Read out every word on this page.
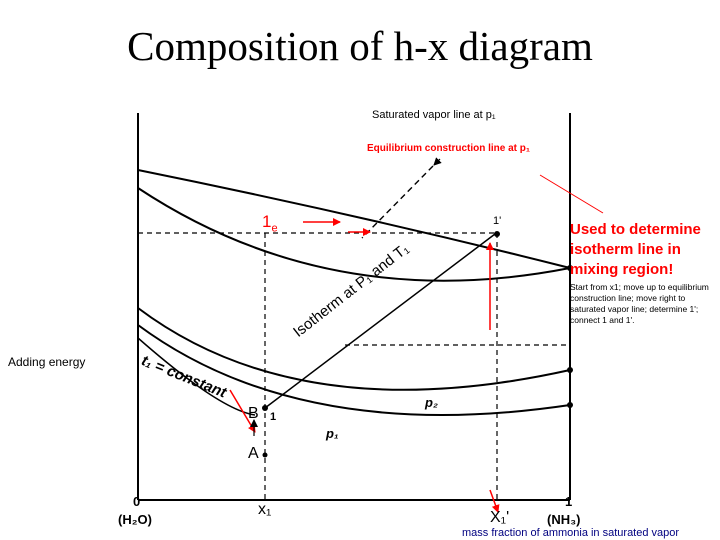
Composition of h-x diagram
Saturated vapor line at p₁
Equilibrium construction line at p₁
$1_e$
1'
Isotherm at P₁ and T₁
t₁ = constant
p₂
p₁
B 1
A
x₁	X₁'
0
(H₂O)
1
(NH₃)
Adding energy
Used to determine isotherm line in mixing region!
Start from x1; move up to equilibrium construction line; move right to saturated vapor line; determine 1'; connect 1 and 1'.
mass fraction of ammonia in saturated vapor
